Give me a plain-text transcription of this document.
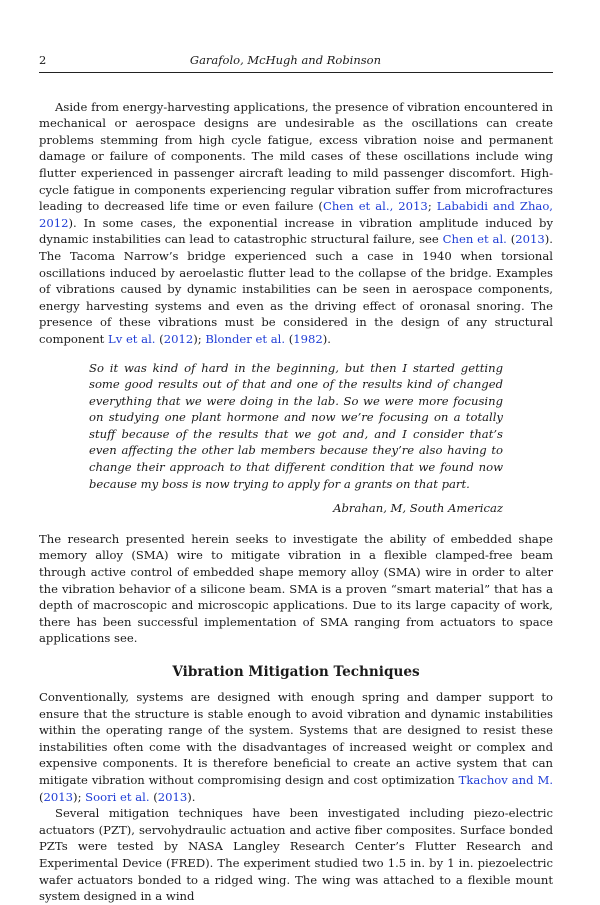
2	Garafolo, McHugh and Robinson

Aside from energy-harvesting applications, the presence of vibration encountered in mechanical or aerospace designs are undesirable as the oscillations can create problems stemming from high cycle fatigue, excess vibration noise and permanent damage or failure of components. The mild cases of these oscillations include wing flutter experienced in passenger aircraft leading to mild passenger discomfort. High-cycle fatigue in components experiencing regular vibration suffer from microfractures leading to decreased life time or even failure (Chen et al., 2013; Lababidi and Zhao, 2012). In some cases, the exponential increase in vibration amplitude induced by dynamic instabilities can lead to catastrophic structural failure, see Chen et al. (2013). The Tacoma Narrow’s bridge experienced such a case in 1940 when torsional oscillations induced by aeroelastic flutter lead to the collapse of the bridge. Examples of vibrations caused by dynamic instabilities can be seen in aerospace components, energy harvesting systems and even as the driving effect of oronasal snoring. The presence of these vibrations must be considered in the design of any structural component Lv et al. (2012); Blonder et al. (1982).

So it was kind of hard in the beginning, but then I started getting some good results out of that and one of the results kind of changed everything that we were doing in the lab. So we were more focusing on studying one plant hormone and now we’re focusing on a totally stuff because of the results that we got and, and I consider that’s even affecting the other lab members because they’re also having to change their approach to that different condition that we found now because my boss is now trying to apply for a grants on that part.
Abrahan, M, South Americaz

The research presented herein seeks to investigate the ability of embedded shape memory alloy (SMA) wire to mitigate vibration in a flexible clamped-free beam through active control of embedded shape memory alloy (SMA) wire in order to alter the vibration behavior of a silicone beam. SMA is a proven “smart material” that has a depth of macroscopic and microscopic applications. Due to its large capacity of work, there has been successful implementation of SMA ranging from actuators to space applications see.

Vibration Mitigation Techniques

Conventionally, systems are designed with enough spring and damper support to ensure that the structure is stable enough to avoid vibration and dynamic instabilities within the operating range of the system. Systems that are designed to resist these instabilities often come with the disadvantages of increased weight or complex and expensive components. It is therefore beneficial to create an active system that can mitigate vibration without compromising design and cost optimization Tkachov and M. (2013); Soori et al. (2013).

Several mitigation techniques have been investigated including piezo-electric actuators (PZT), servohydraulic actuation and active fiber composites. Surface bonded PZTs were tested by NASA Langley Research Center’s Flutter Research and Experimental Device (FRED). The experiment studied two 1.5 in. by 1 in. piezoelectric wafer actuators bonded to a ridged wing. The wing was attached to a flexible mount system designed in a wind
